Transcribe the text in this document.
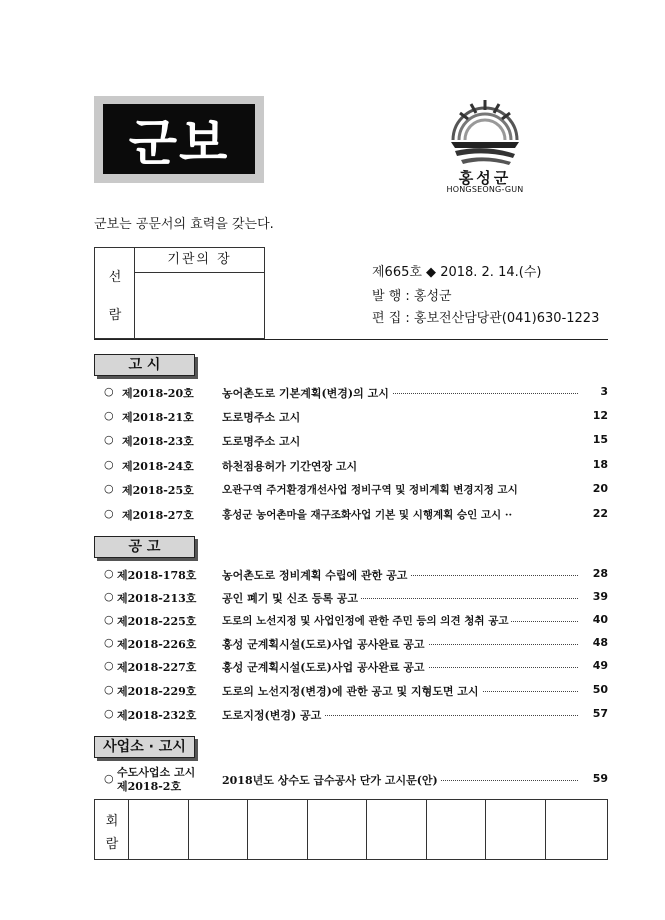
군보
홍성군
HONGSEONG-GUN
군보는 공문서의 효력을 갖는다.
선
람
기관의 장
제665호 ◆ 2018. 2. 14.(수)
발 행 : 홍성군
편 집 : 홍보전산담당관(041)630-1223
고 시
○ 제2018-20호	농어촌도로 기본계획(변경)의 고시	3
○ 제2018-21호	도로명주소 고시	12
○ 제2018-23호	도로명주소 고시	15
○ 제2018-24호	하천점용허가 기간연장 고시	18
○ 제2018-25호	오관구역 주거환경개선사업 정비구역 및 정비계획 변경지정 고시	20
○ 제2018-27호	홍성군 농어촌마을 재구조화사업 기본 및 시행계획 승인 고시 ··	22
공 고
○ 제2018-178호 농어촌도로 정비계획 수립에 관한 공고	28
○ 제2018-213호 공인 폐기 및 신조 등록 공고	39
○ 제2018-225호 도로의 노선지정 및 사업인정에 관한 주민 등의 의견 청취 공고	40
○ 제2018-226호 홍성 군계획시설(도로)사업 공사완료 공고	48
○ 제2018-227호 홍성 군계획시설(도로)사업 공사완료 공고	49
○ 제2018-229호 도로의 노선지정(변경)에 관한 공고 및 지형도면 고시	50
○ 제2018-232호 도로지정(변경) 공고	57
사업소 · 고시
○ 수도사업소 고시
제2018-2호	2018년도 상수도 급수공사 단가 고시문(안)	59
회
람
